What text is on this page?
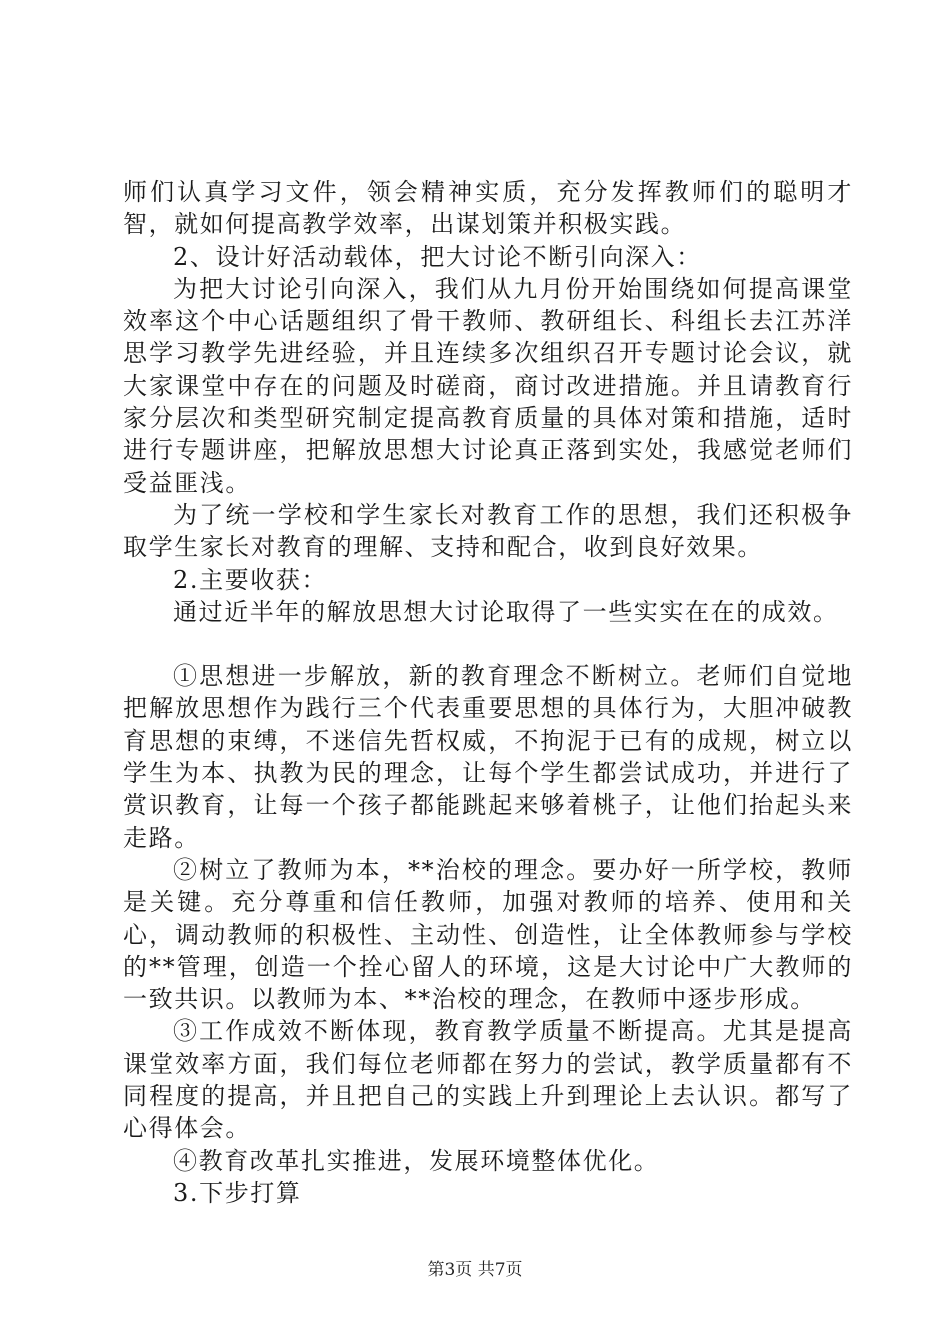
师们认真学习文件，领会精神实质，充分发挥教师们的聪明才智，就如何提高教学效率，出谋划策并积极实践。

2、设计好活动载体，把大讨论不断引向深入：

为把大讨论引向深入，我们从九月份开始围绕如何提高课堂效率这个中心话题组织了骨干教师、教研组长、科组长去江苏洋思学习教学先进经验，并且连续多次组织召开专题讨论会议，就大家课堂中存在的问题及时磋商，商讨改进措施。并且请教育行家分层次和类型研究制定提高教育质量的具体对策和措施，适时进行专题讲座，把解放思想大讨论真正落到实处，我感觉老师们受益匪浅。

为了统一学校和学生家长对教育工作的思想，我们还积极争取学生家长对教育的理解、支持和配合，收到良好效果。

2.主要收获：

通过近半年的解放思想大讨论取得了一些实实在在的成效。

①思想进一步解放，新的教育理念不断树立。老师们自觉地把解放思想作为践行三个代表重要思想的具体行为，大胆冲破教育思想的束缚，不迷信先哲权威，不拘泥于已有的成规，树立以学生为本、执教为民的理念，让每个学生都尝试成功，并进行了赏识教育，让每一个孩子都能跳起来够着桃子，让他们抬起头来走路。

②树立了教师为本，**治校的理念。要办好一所学校，教师是关键。充分尊重和信任教师，加强对教师的培养、使用和关心，调动教师的积极性、主动性、创造性，让全体教师参与学校的**管理，创造一个拴心留人的环境，这是大讨论中广大教师的一致共识。以教师为本、**治校的理念，在教师中逐步形成。

③工作成效不断体现，教育教学质量不断提高。尤其是提高课堂效率方面，我们每位老师都在努力的尝试，教学质量都有不同程度的提高，并且把自己的实践上升到理论上去认识。都写了心得体会。

④教育改革扎实推进，发展环境整体优化。

3.下步打算

第3页 共7页
